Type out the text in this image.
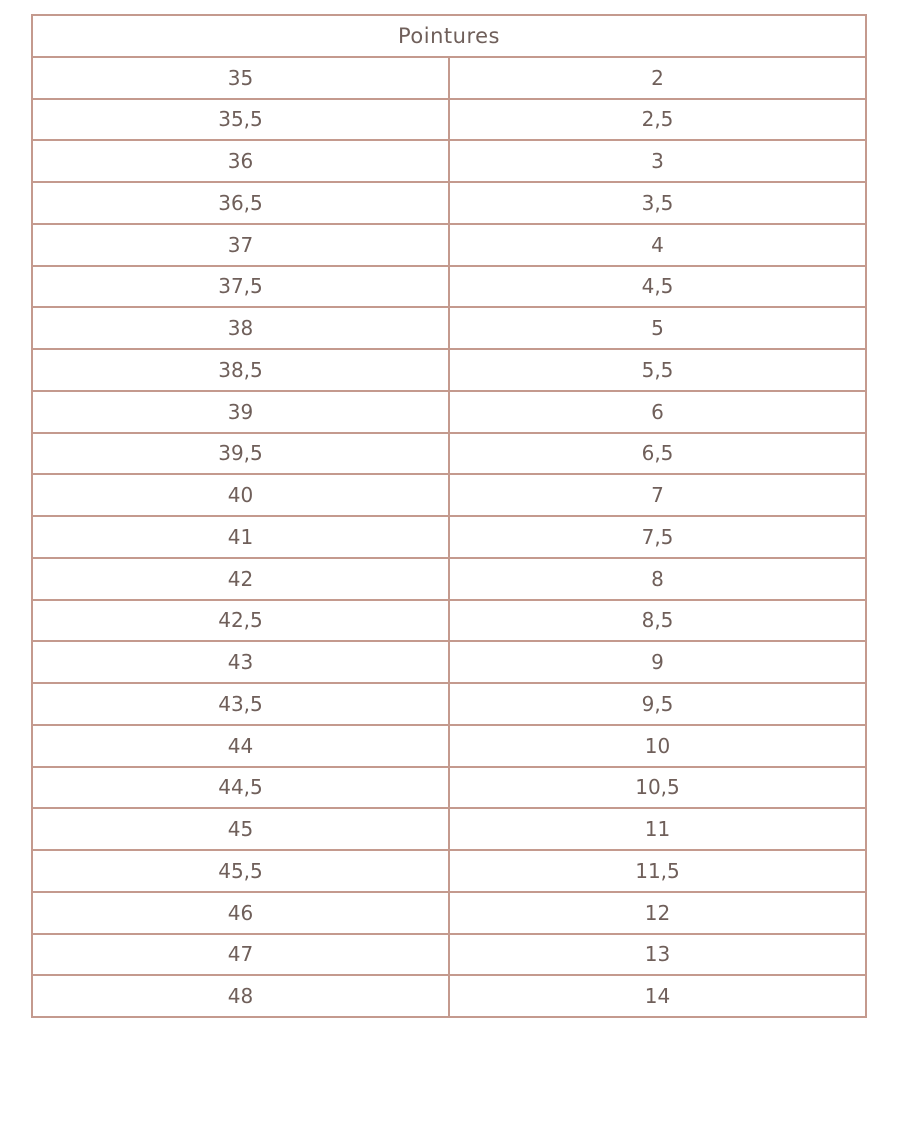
Pointures	
35	2
35,5	2,5
36	3
36,5	3,5
37	4
37,5	4,5
38	5
38,5	5,5
39	6
39,5	6,5
40	7
41	7,5
42	8
42,5	8,5
43	9
43,5	9,5
44	10
44,5	10,5
45	11
45,5	11,5
46	12
47	13
48	14
